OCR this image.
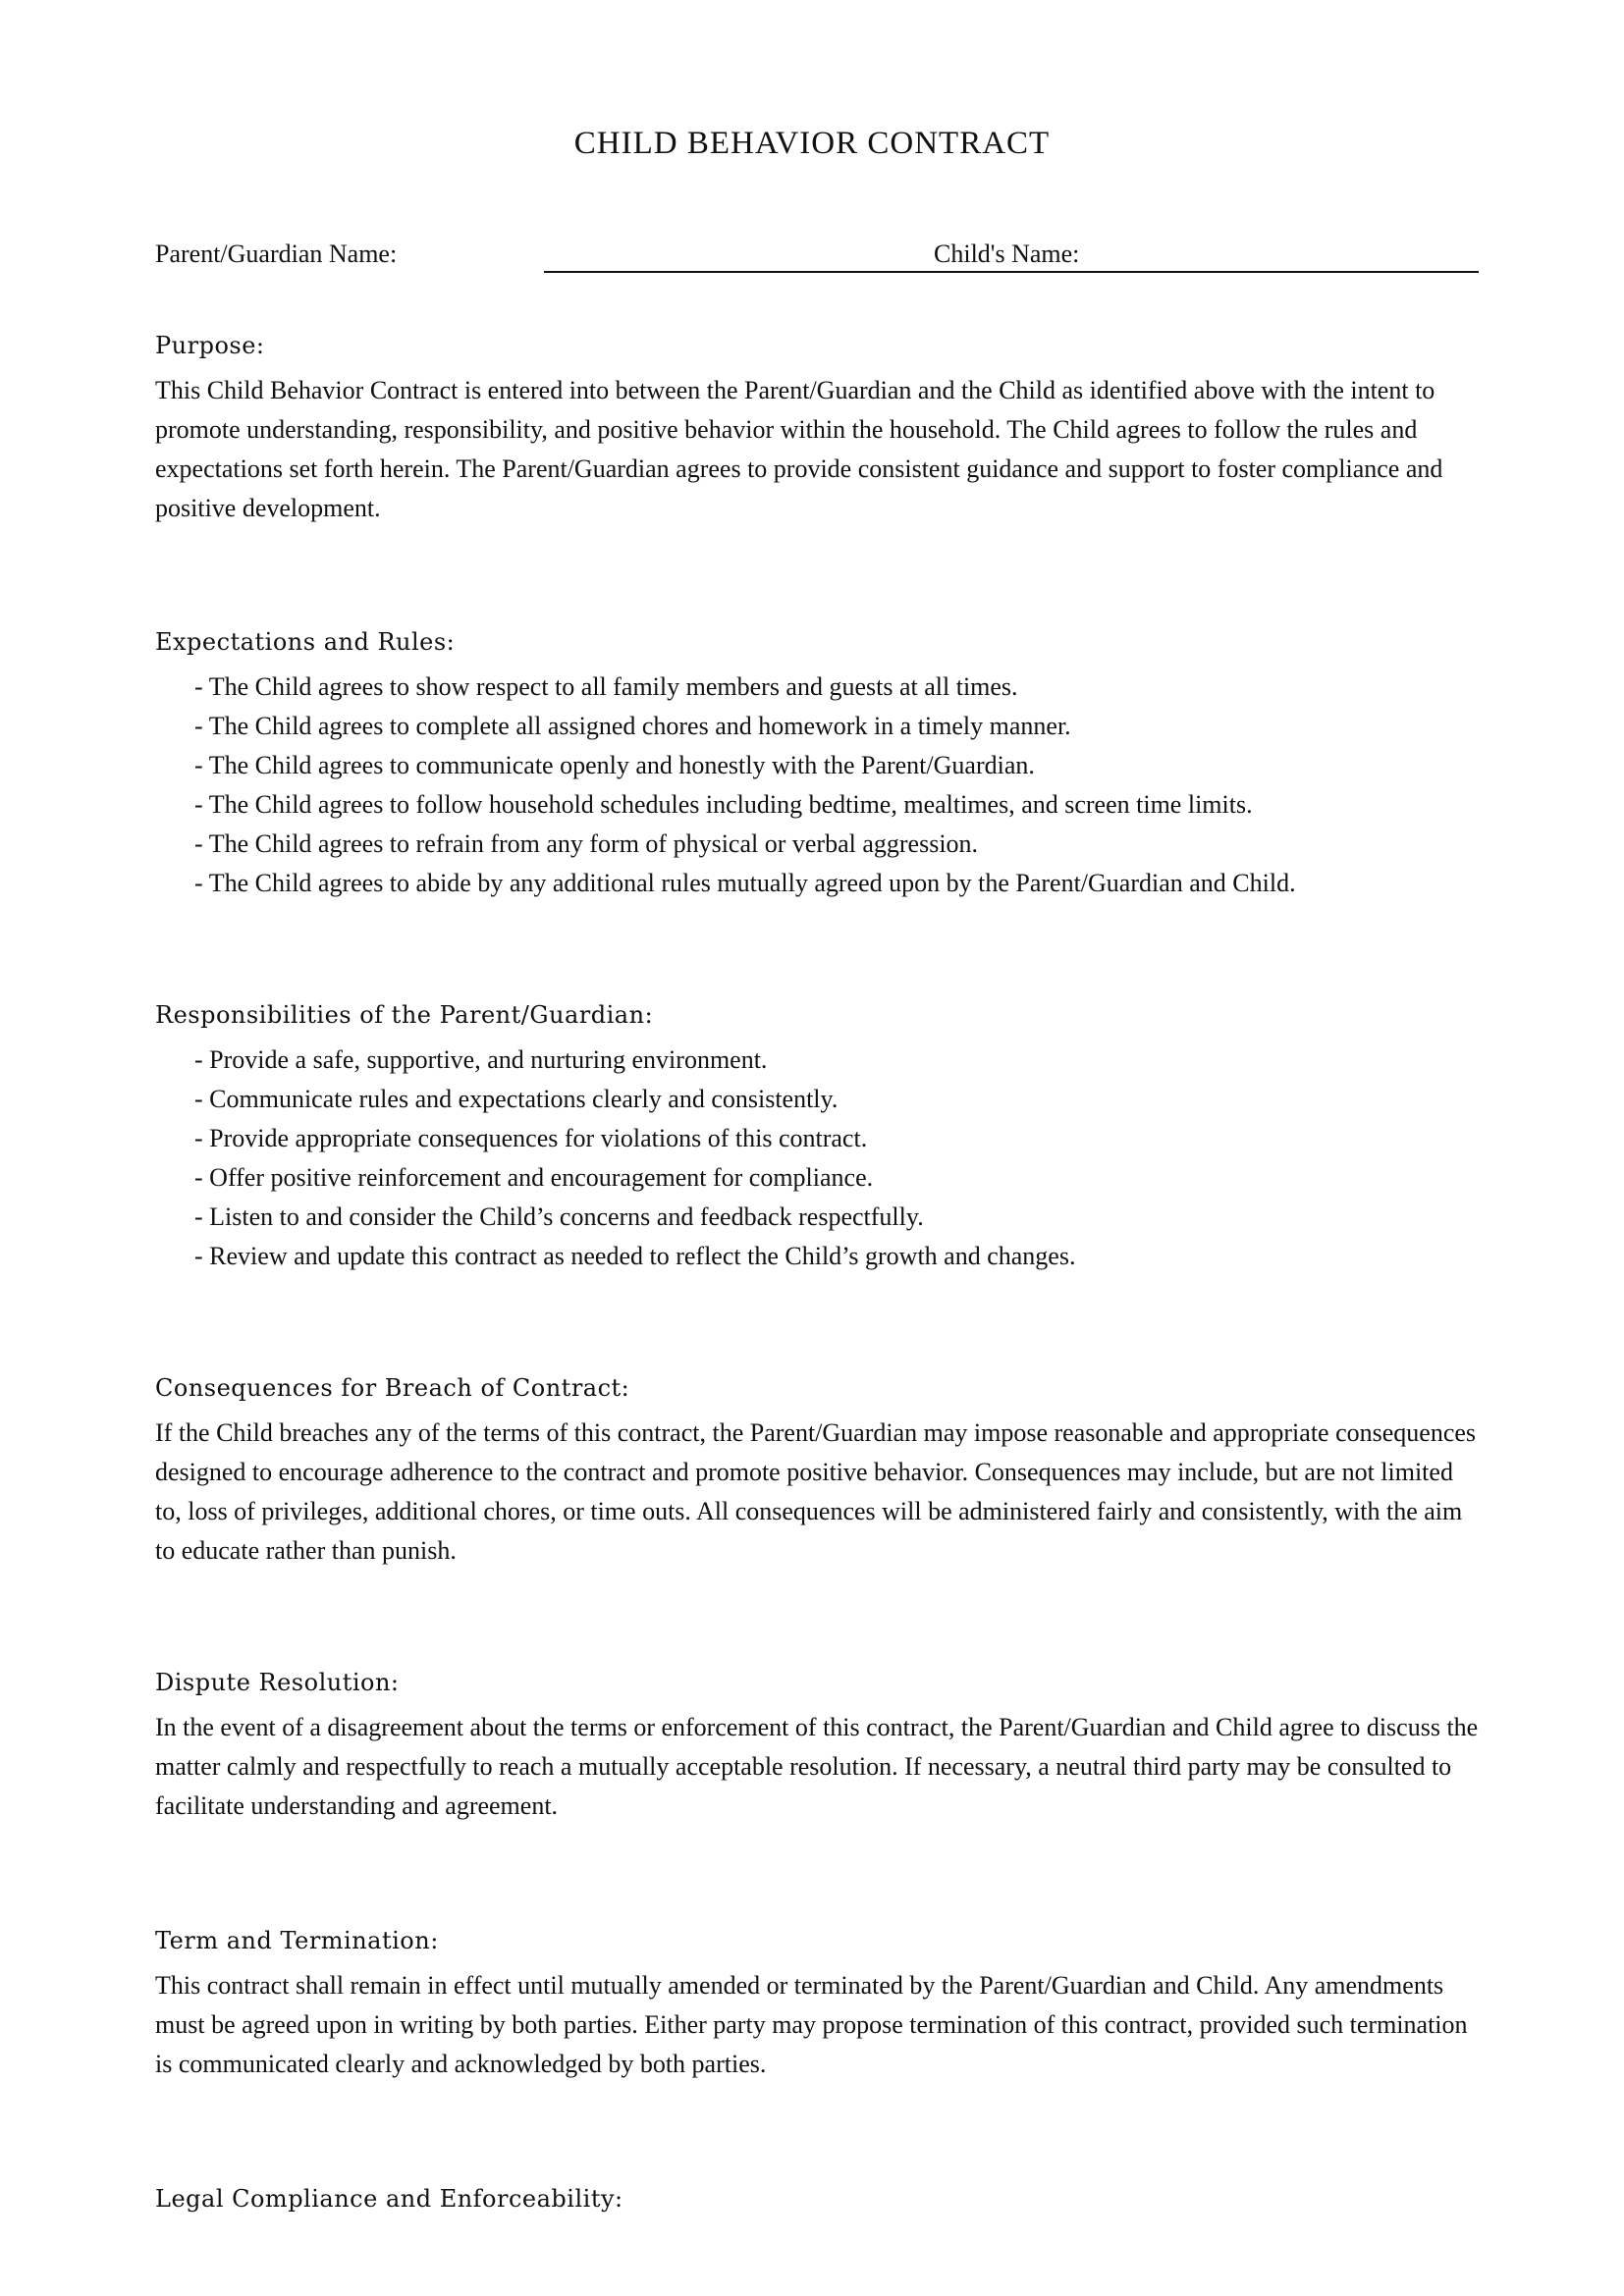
CHILD BEHAVIOR CONTRACT
Parent/Guardian Name:	Child's Name:
Purpose:

This Child Behavior Contract is entered into between the Parent/Guardian and the Child as identified above with the intent to promote understanding, responsibility, and positive behavior within the household. The Child agrees to follow the rules and expectations set forth herein. The Parent/Guardian agrees to provide consistent guidance and support to foster compliance and positive development.

Expectations and Rules:
- The Child agrees to show respect to all family members and guests at all times.
- The Child agrees to complete all assigned chores and homework in a timely manner.
- The Child agrees to communicate openly and honestly with the Parent/Guardian.
- The Child agrees to follow household schedules including bedtime, mealtimes, and screen time limits.
- The Child agrees to refrain from any form of physical or verbal aggression.
- The Child agrees to abide by any additional rules mutually agreed upon by the Parent/Guardian and Child.
Responsibilities of the Parent/Guardian:
- Provide a safe, supportive, and nurturing environment.
- Communicate rules and expectations clearly and consistently.
- Provide appropriate consequences for violations of this contract.
- Offer positive reinforcement and encouragement for compliance.
- Listen to and consider the Child’s concerns and feedback respectfully.
- Review and update this contract as needed to reflect the Child’s growth and changes.
Consequences for Breach of Contract:

If the Child breaches any of the terms of this contract, the Parent/Guardian may impose reasonable and appropriate consequences designed to encourage adherence to the contract and promote positive behavior. Consequences may include, but are not limited to, loss of privileges, additional chores, or time outs. All consequences will be administered fairly and consistently, with the aim to educate rather than punish.

Dispute Resolution:

In the event of a disagreement about the terms or enforcement of this contract, the Parent/Guardian and Child agree to discuss the matter calmly and respectfully to reach a mutually acceptable resolution. If necessary, a neutral third party may be consulted to facilitate understanding and agreement.

Term and Termination:

This contract shall remain in effect until mutually amended or terminated by the Parent/Guardian and Child. Any amendments must be agreed upon in writing by both parties. Either party may propose termination of this contract, provided such termination is communicated clearly and acknowledged by both parties.

Legal Compliance and Enforceability:
